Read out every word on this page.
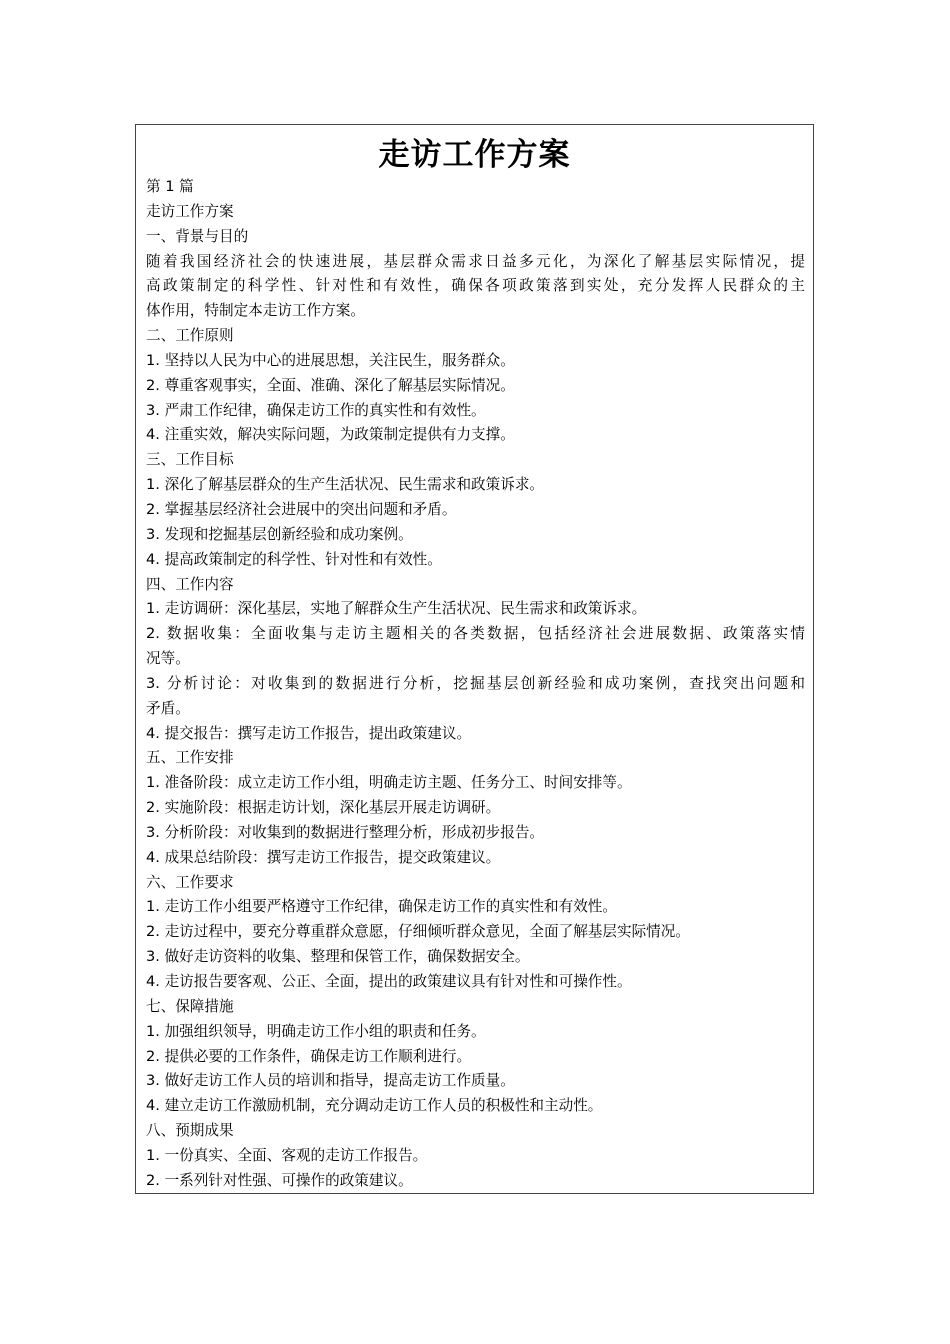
走访工作方案
第 1 篇
走访工作方案
一、背景与目的
随着我国经济社会的快速进展，基层群众需求日益多元化，为深化了解基层实际情况，提
高政策制定的科学性、针对性和有效性，确保各项政策落到实处，充分发挥人民群众的主
体作用，特制定本走访工作方案。
二、工作原则
1. 坚持以人民为中心的进展思想，关注民生，服务群众。
2. 尊重客观事实，全面、准确、深化了解基层实际情况。
3. 严肃工作纪律，确保走访工作的真实性和有效性。
4. 注重实效，解决实际问题，为政策制定提供有力支撑。
三、工作目标
1. 深化了解基层群众的生产生活状况、民生需求和政策诉求。
2. 掌握基层经济社会进展中的突出问题和矛盾。
3. 发现和挖掘基层创新经验和成功案例。
4. 提高政策制定的科学性、针对性和有效性。
四、工作内容
1. 走访调研：深化基层，实地了解群众生产生活状况、民生需求和政策诉求。
2. 数据收集：全面收集与走访主题相关的各类数据，包括经济社会进展数据、政策落实情
况等。
3. 分析讨论：对收集到的数据进行分析，挖掘基层创新经验和成功案例，查找突出问题和
矛盾。
4. 提交报告：撰写走访工作报告，提出政策建议。
五、工作安排
1. 准备阶段：成立走访工作小组，明确走访主题、任务分工、时间安排等。
2. 实施阶段：根据走访计划，深化基层开展走访调研。
3. 分析阶段：对收集到的数据进行整理分析，形成初步报告。
4. 成果总结阶段：撰写走访工作报告，提交政策建议。
六、工作要求
1. 走访工作小组要严格遵守工作纪律，确保走访工作的真实性和有效性。
2. 走访过程中，要充分尊重群众意愿，仔细倾听群众意见，全面了解基层实际情况。
3. 做好走访资料的收集、整理和保管工作，确保数据安全。
4. 走访报告要客观、公正、全面，提出的政策建议具有针对性和可操作性。
七、保障措施
1. 加强组织领导，明确走访工作小组的职责和任务。
2. 提供必要的工作条件，确保走访工作顺利进行。
3. 做好走访工作人员的培训和指导，提高走访工作质量。
4. 建立走访工作激励机制，充分调动走访工作人员的积极性和主动性。
八、预期成果
1. 一份真实、全面、客观的走访工作报告。
2. 一系列针对性强、可操作的政策建议。
